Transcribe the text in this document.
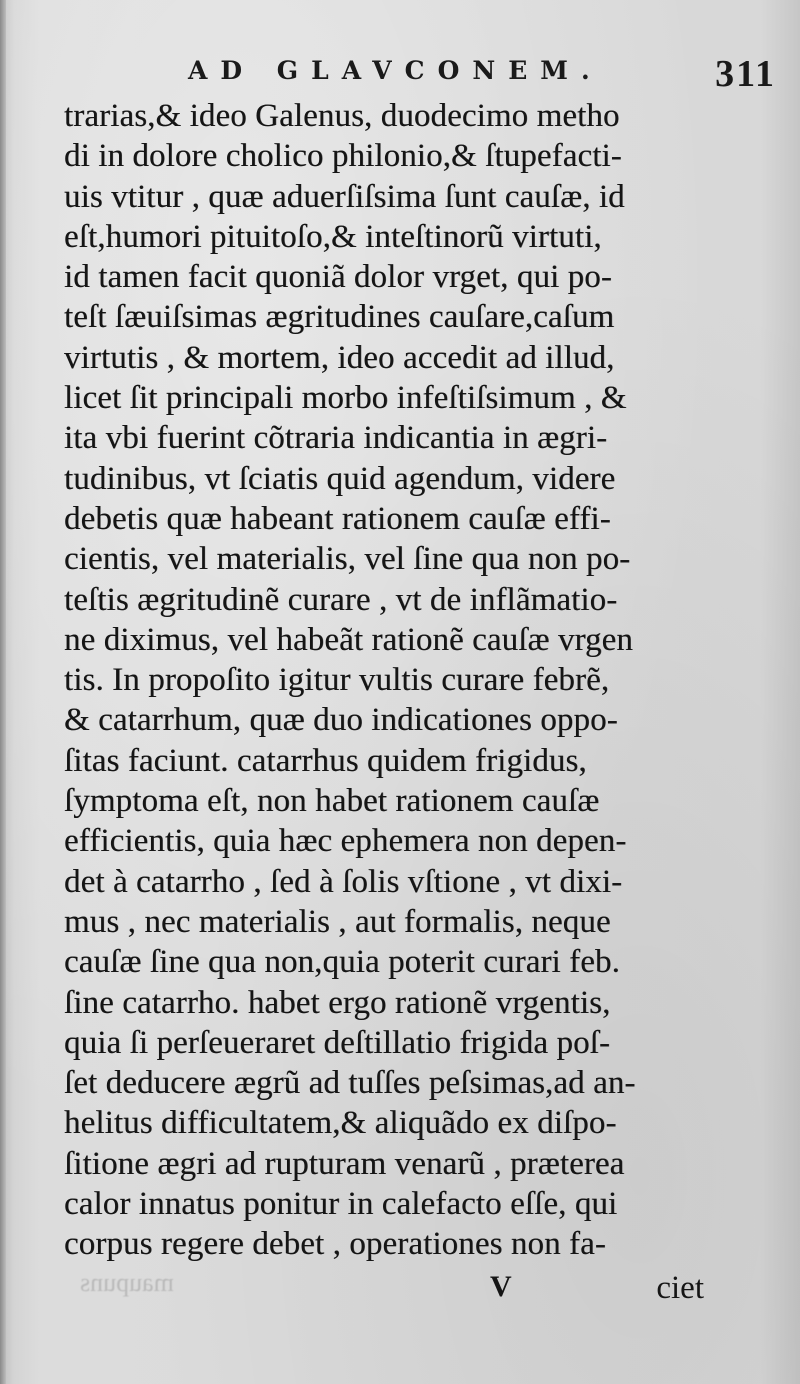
AD GLAVCONEM.	311
trarias,& ideo Galenus, duodecimo metho
di in dolore cholico philonio,& ſtupefacti-
uis vtitur , quæ aduerſiſsima ſunt cauſæ, id
eſt,humori pituitoſo,& inteſtinorũ virtuti,
id tamen facit quoniã dolor vrget, qui po-
teſt ſæuiſsimas ægritudines cauſare,caſum
virtutis , & mortem, ideo accedit ad illud,
licet ſit principali morbo infeſtiſsimum , &
ita vbi fuerint cõtraria indicantia in ægri-
tudinibus, vt ſciatis quid agendum, videre
debetis quæ habeant rationem cauſæ effi-
cientis, vel materialis, vel ſine qua non po-
teſtis ægritudinẽ curare , vt de inflãmatio-
ne diximus, vel habeãt rationẽ cauſæ vrgen
tis. In propoſito igitur vultis curare febrẽ,
& catarrhum, quæ duo indicationes oppo-
ſitas faciunt. catarrhus quidem frigidus,
ſymptoma eſt, non habet rationem cauſæ
efficientis, quia hæc ephemera non depen-
det à catarrho , ſed à ſolis vſtione , vt dixi-
mus , nec materialis , aut formalis, neque
cauſæ ſine qua non,quia poterit curari feb.
ſine catarrho. habet ergo rationẽ vrgentis,
quia ſi perſeueraret deſtillatio frigida poſ-
ſet deducere ægrũ ad tuſſes peſsimas,ad an-
helitus difficultatem,& aliquãdo ex diſpo-
ſitione ægri ad rupturam venarũ , præterea
calor innatus ponitur in calefacto eſſe, qui
corpus regere debet , operationes non fa-
maupuns	V	ciet
